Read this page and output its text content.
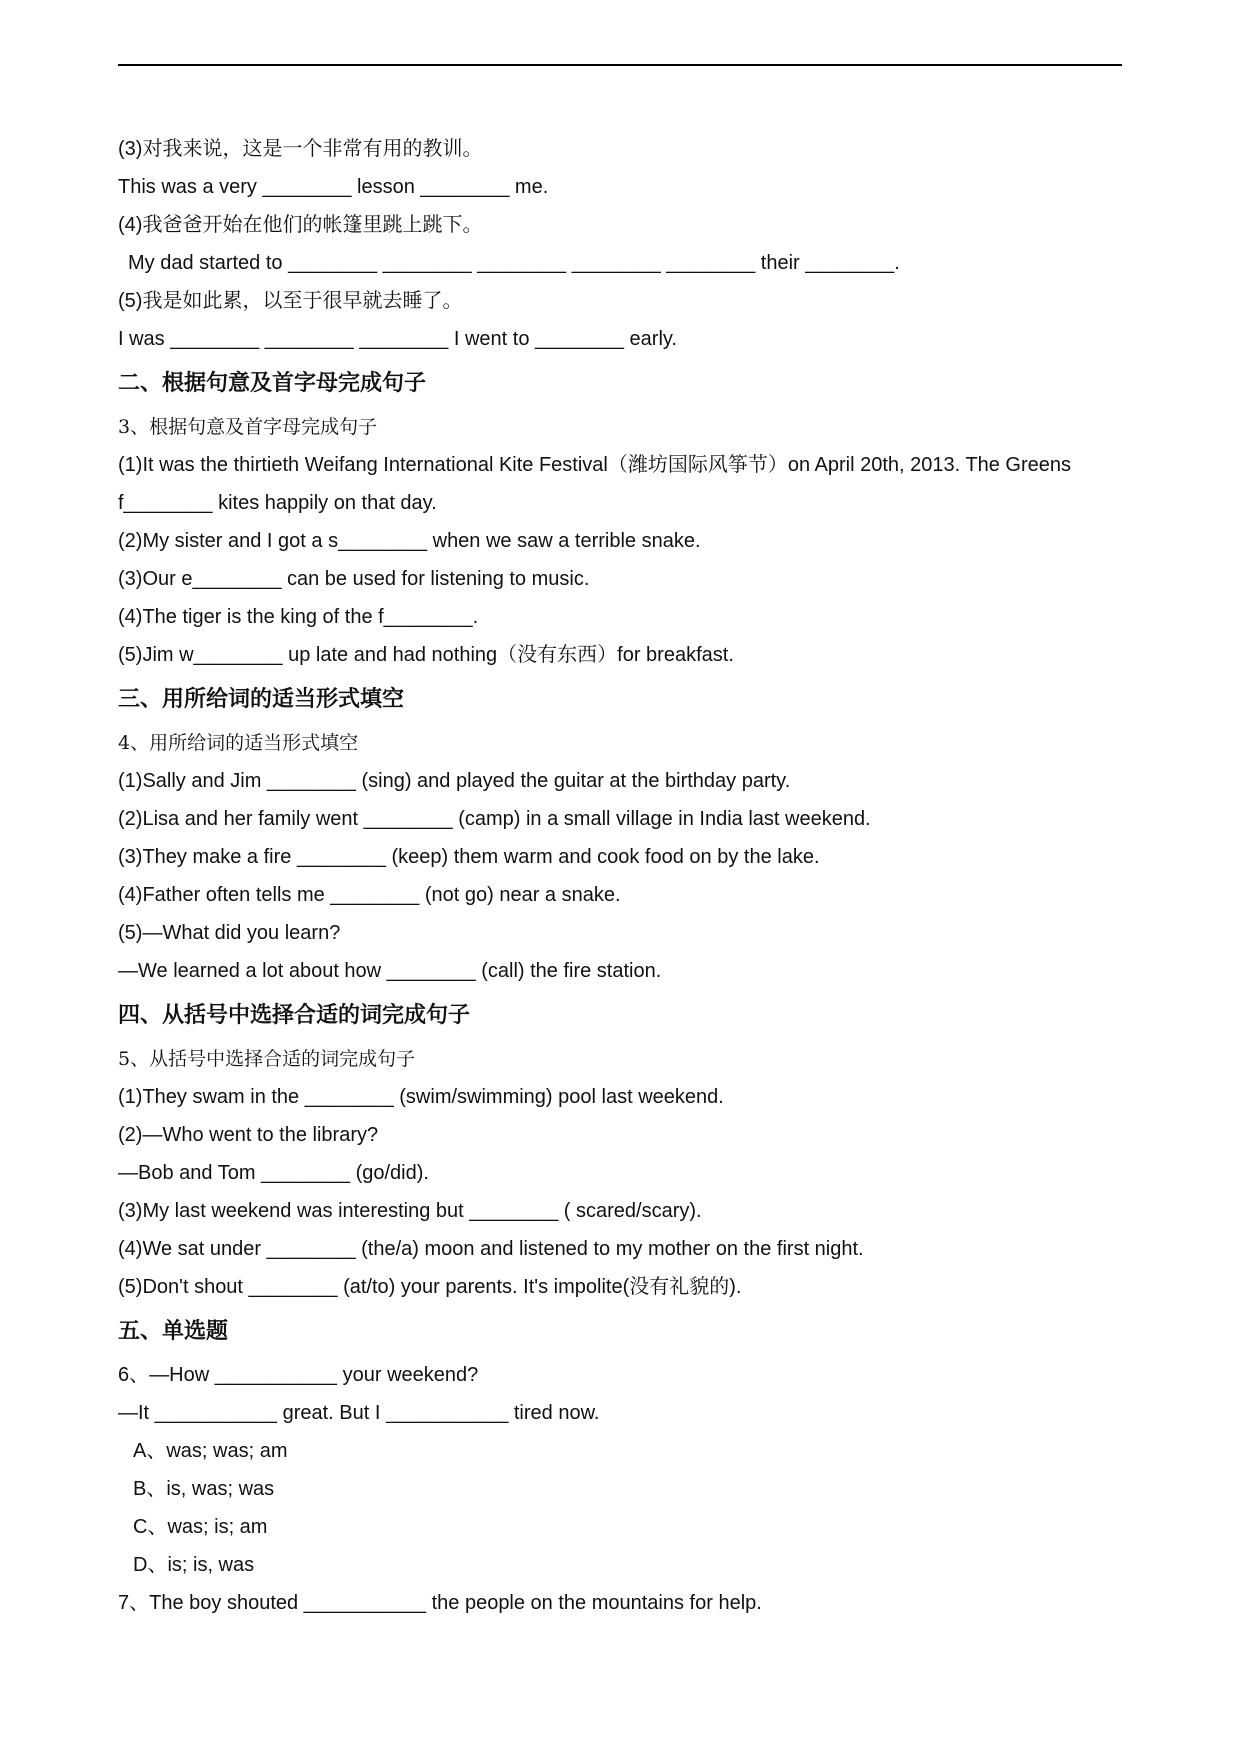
(3)对我来说，这是一个非常有用的教训。
This was a very ________ lesson ________ me.
(4)我爸爸开始在他们的帐篷里跳上跳下。
My dad started to ________ ________ ________ ________ ________ their ________.
(5)我是如此累，以至于很早就去睡了。
I was ________ ________ ________ I went to ________ early.
二、根据句意及首字母完成句子
3、根据句意及首字母完成句子
(1)It was the thirtieth Weifang International Kite Festival（潍坊国际风筝节）on April 20th, 2013. The Greens f________ kites happily on that day.
(2)My sister and I got a s________ when we saw a terrible snake.
(3)Our e________ can be used for listening to music.
(4)The tiger is the king of the f________.
(5)Jim w________ up late and had nothing（没有东西）for breakfast.
三、用所给词的适当形式填空
4、用所给词的适当形式填空
(1)Sally and Jim ________ (sing) and played the guitar at the birthday party.
(2)Lisa and her family went ________ (camp) in a small village in India last weekend.
(3)They make a fire ________ (keep) them warm and cook food on by the lake.
(4)Father often tells me ________ (not go) near a snake.
(5)—What did you learn?
—We learned a lot about how ________ (call) the fire station.
四、从括号中选择合适的词完成句子
5、从括号中选择合适的词完成句子
(1)They swam in the ________ (swim/swimming) pool last weekend.
(2)—Who went to the library?
—Bob and Tom ________ (go/did).
(3)My last weekend was interesting but ________ ( scared/scary).
(4)We sat under ________ (the/a) moon and listened to my mother on the first night.
(5)Don't shout ________ (at/to) your parents. It's impolite(没有礼貌的).
五、单选题
6、—How ___________ your weekend?
—It ___________ great. But I ___________ tired now.
A、was; was; am
B、is, was; was
C、was; is; am
D、is; is, was
7、The boy shouted ___________ the people on the mountains for help.
